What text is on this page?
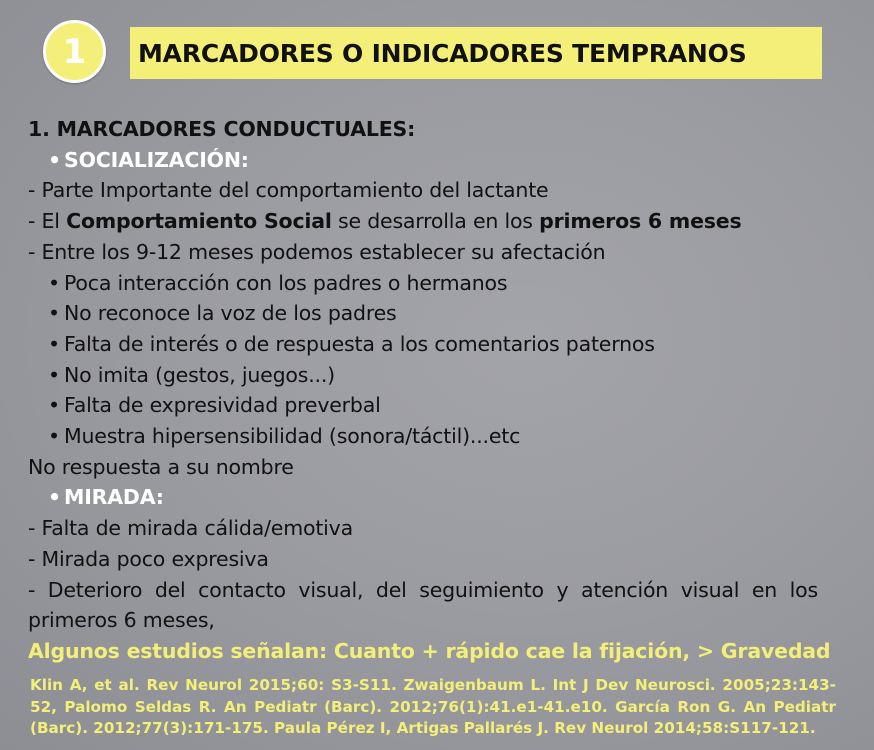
1 MARCADORES O INDICADORES TEMPRANOS
1. MARCADORES CONDUCTUALES:
• SOCIALIZACIÓN:
- Parte Importante del comportamiento del lactante
- El Comportamiento Social se desarrolla en los primeros 6 meses
- Entre los 9-12 meses podemos establecer su afectación
• Poca interacción con los padres o hermanos
• No reconoce la voz de los padres
• Falta de interés o de respuesta a los comentarios paternos
• No imita (gestos, juegos...)
• Falta de expresividad preverbal
• Muestra hipersensibilidad (sonora/táctil)...etc
No respuesta a su nombre
• MIRADA:
- Falta de mirada cálida/emotiva
- Mirada poco expresiva
- Deterioro del contacto visual, del seguimiento y atención visual en los primeros 6 meses,
Algunos estudios señalan: Cuanto + rápido cae la fijación, > Gravedad
Klin A, et al. Rev Neurol 2015;60: S3-S11. Zwaigenbaum L. Int J Dev Neurosci. 2005;23:143-52, Palomo Seldas R. An Pediatr (Barc). 2012;76(1):41.e1-41.e10. García Ron G. An Pediatr (Barc). 2012;77(3):171-175. Paula Pérez I, Artigas Pallarés J. Rev Neurol 2014;58:S117-121.
